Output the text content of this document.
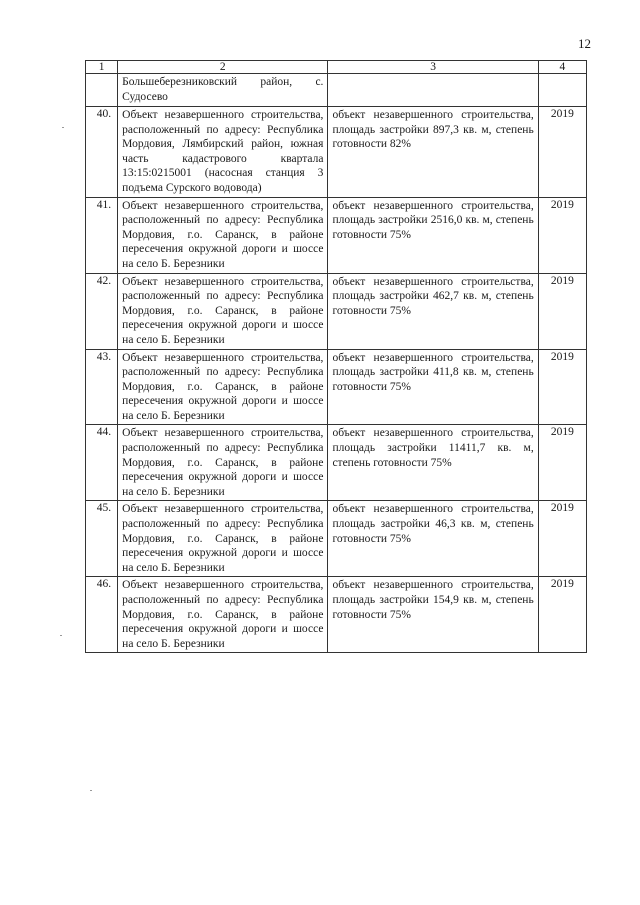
12
1	2	3	4
	Большеберезниковский район, с. Судосево		
40.	Объект незавершенного строительства, расположенный по адресу: Республика Мордовия, Лямбирский район, южная часть кадастрового квартала 13:15:0215001 (насосная станция 3 подъема Сурского водовода)	объект незавершенного строительства, площадь застройки 897,3 кв. м, степень готовности 82%	2019
41.	Объект незавершенного строительства, расположенный по адресу: Республика Мордовия, г.о. Саранск, в районе пересечения окружной дороги и шоссе на село Б. Березники	объект незавершенного строительства, площадь застройки 2516,0 кв. м, степень готовности 75%	2019
42.	Объект незавершенного строительства, расположенный по адресу: Республика Мордовия, г.о. Саранск, в районе пересечения окружной дороги и шоссе на село Б. Березники	объект незавершенного строительства, площадь застройки 462,7 кв. м, степень готовности 75%	2019
43.	Объект незавершенного строительства, расположенный по адресу: Республика Мордовия, г.о. Саранск, в районе пересечения окружной дороги и шоссе на село Б. Березники	объект незавершенного строительства, площадь застройки 411,8 кв. м, степень готовности 75%	2019
44.	Объект незавершенного строительства, расположенный по адресу: Республика Мордовия, г.о. Саранск, в районе пересечения окружной дороги и шоссе на село Б. Березники	объект незавершенного строительства, площадь застройки 11411,7 кв. м, степень готовности 75%	2019
45.	Объект незавершенного строительства, расположенный по адресу: Республика Мордовия, г.о. Саранск, в районе пересечения окружной дороги и шоссе на село Б. Березники	объект незавершенного строительства, площадь застройки 46,3 кв. м, степень готовности 75%	2019
46.	Объект незавершенного строительства, расположенный по адресу: Республика Мордовия, г.о. Саранск, в районе пересечения окружной дороги и шоссе на село Б. Березники	объект незавершенного строительства, площадь застройки 154,9 кв. м, степень готовности 75%	2019
